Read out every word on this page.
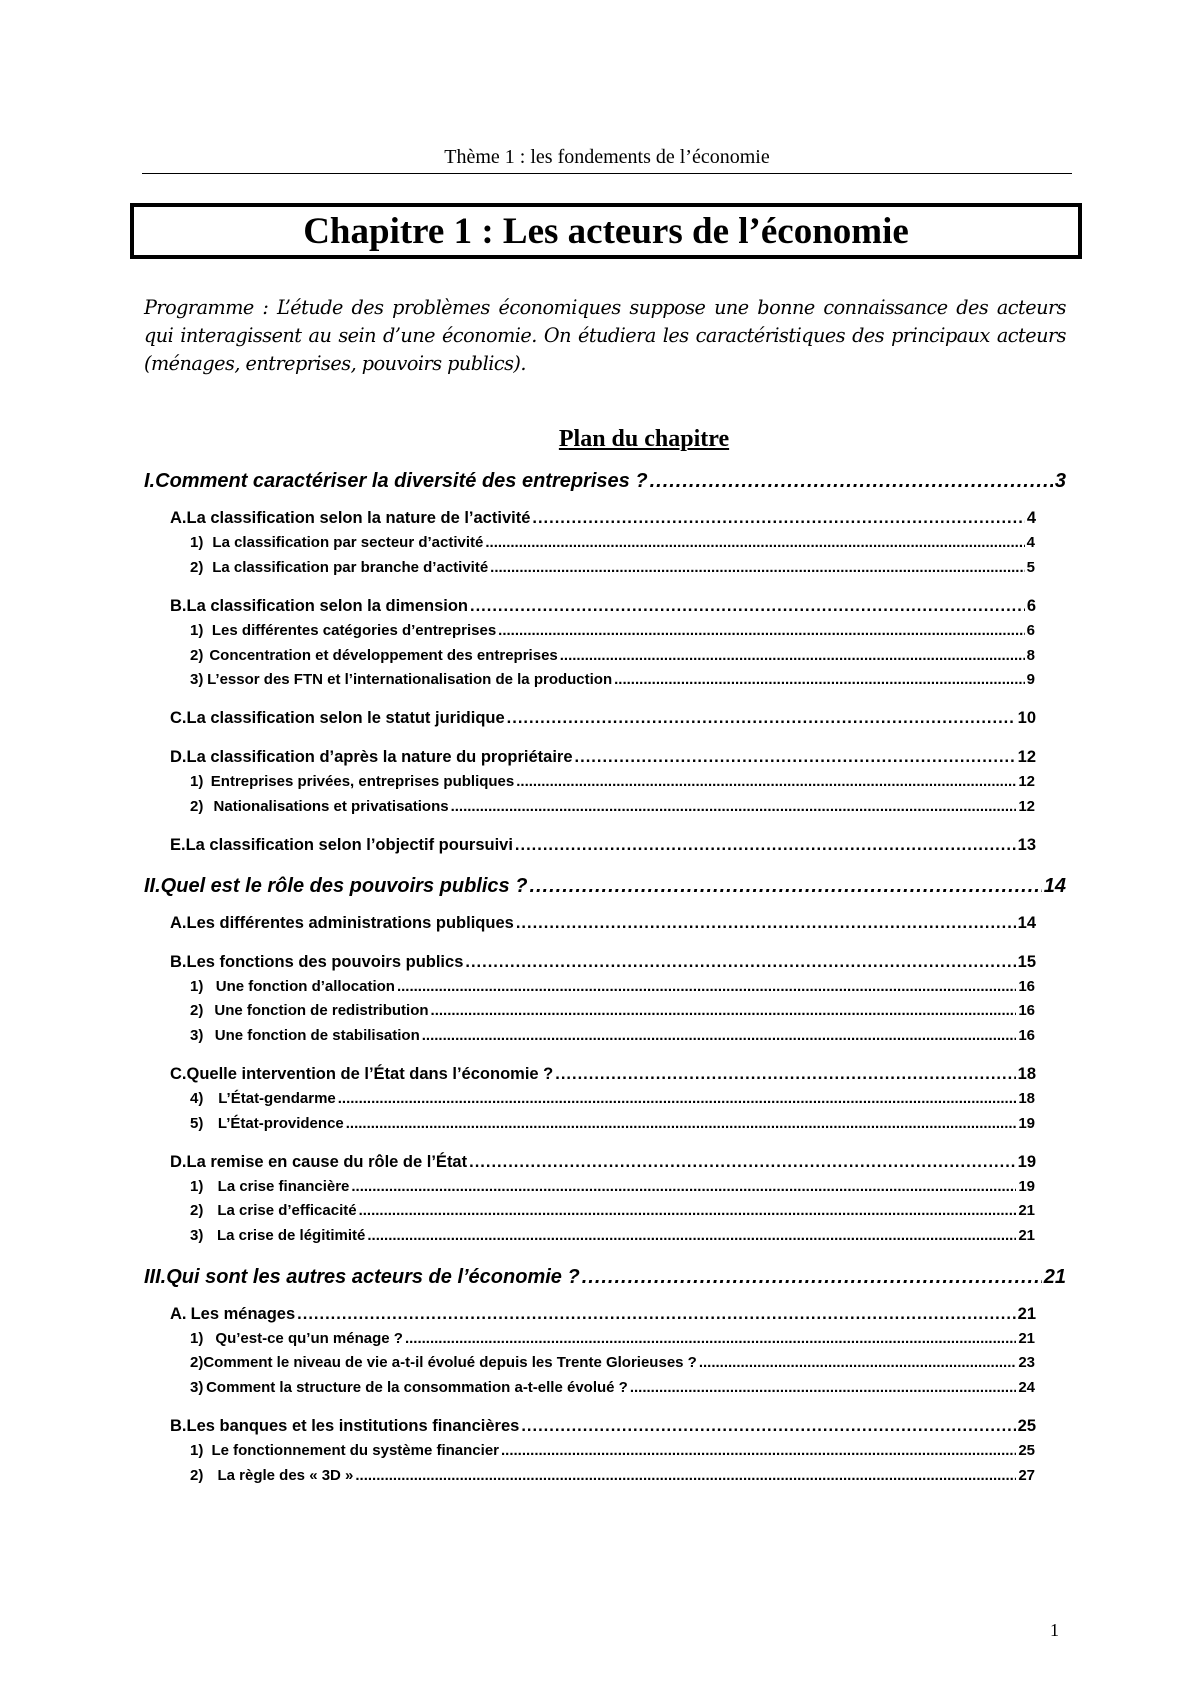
Thème 1 : les fondements de l’économie
Chapitre 1 : Les acteurs de l’économie

Programme : L’étude des problèmes économiques suppose une bonne connaissance des acteurs qui interagissent au sein d’une économie. On étudiera les caractéristiques des principaux acteurs (ménages, entreprises, pouvoirs publics).

Plan du chapitre
I. Comment caractériser la diversité des entreprises ? .....	3
A. La classification selon la nature de l’activité .....	4
1) La classification par secteur d’activité .....	4
2) La classification par branche d’activité .....	5
B. La classification selon la dimension .....	6
1) Les différentes catégories d’entreprises .....	6
2) Concentration et développement des entreprises .....	8
3) L’essor des FTN et l’internationalisation de la production .....	9
C. La classification selon le statut juridique .....	10
D. La classification d’après la nature du propriétaire .....	12
1) Entreprises privées, entreprises publiques .....	12
2) Nationalisations et privatisations .....	12
E. La classification selon l’objectif poursuivi .....	13
II. Quel est le rôle des pouvoirs publics ? .....	14
A. Les différentes administrations publiques .....	14
B. Les fonctions des pouvoirs publics .....	15
1) Une fonction d’allocation .....	16
2) Une fonction de redistribution .....	16
3) Une fonction de stabilisation .....	16
C. Quelle intervention de l’État dans l’économie ? .....	18
4) L’État-gendarme .....	18
5) L’État-providence .....	19
D. La remise en cause du rôle de l’État .....	19
1) La crise financière .....	19
2) La crise d’efficacité .....	21
3) La crise de légitimité .....	21
III. Qui sont les autres acteurs de l’économie ? .....	21
A. Les ménages .....	21
1) Qu’est-ce qu’un ménage ? .....	21
2) Comment le niveau de vie a-t-il évolué depuis les Trente Glorieuses ? .....	23
3) Comment la structure de la consommation a-t-elle évolué ? .....	24
B. Les banques et les institutions financières .....	25
1) Le fonctionnement du système financier .....	25
2) La règle des « 3D » .....	27
1
